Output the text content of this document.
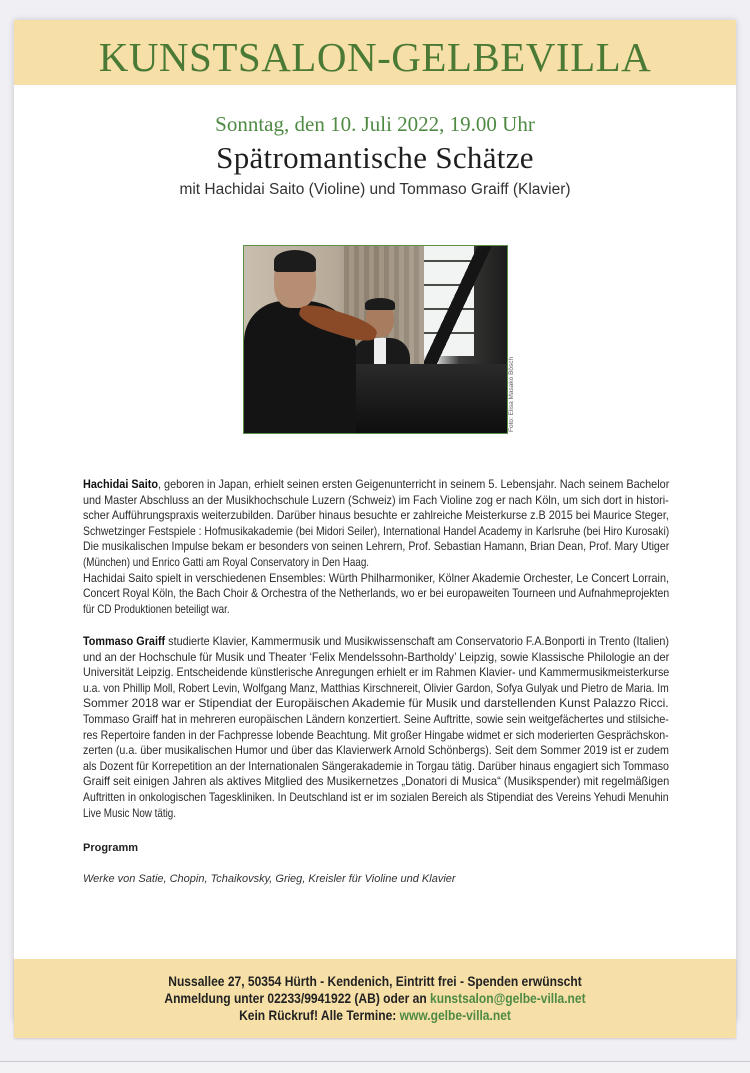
KUNSTSALON-GELBEVILLA
Sonntag, den 10. Juli 2022, 19.00 Uhr
Spätromantische Schätze
mit Hachidai Saito (Violine) und Tommaso Graiff (Klavier)
Foto: Elisa Masako Bösch
Hachidai Saito, geboren in Japan, erhielt seinen ersten Geigenunterricht in seinem 5. Lebensjahr. Nach seinem Bachelor
und Master Abschluss an der Musikhochschule Luzern (Schweiz) im Fach Violine zog er nach Köln, um sich dort in histori-
scher Aufführungspraxis weiterzubilden. Darüber hinaus besuchte er zahlreiche Meisterkurse z.B 2015 bei Maurice Steger,
Schwetzinger Festspiele : Hofmusikakademie (bei Midori Seiler), International Handel Academy in Karlsruhe (bei Hiro Kurosaki)
Die musikalischen Impulse bekam er besonders von seinen Lehrern, Prof. Sebastian Hamann, Brian Dean, Prof. Mary Utiger
(München) und Enrico Gatti am Royal Conservatory in Den Haag.
Hachidai Saito spielt in verschiedenen Ensembles: Würth Philharmoniker, Kölner Akademie Orchester, Le Concert Lorrain,
Concert Royal Köln, the Bach Choir & Orchestra of the Netherlands, wo er bei europaweiten Tourneen und Aufnahmeprojekten
für CD Produktionen beteiligt war.
Tommaso Graiff studierte Klavier, Kammermusik und Musikwissenschaft am Conservatorio F.A.Bonporti in Trento (Italien)
und an der Hochschule für Musik und Theater ‘Felix Mendelssohn-Bartholdy’ Leipzig, sowie Klassische Philologie an der
Universität Leipzig. Entscheidende künstlerische Anregungen erhielt er im Rahmen Klavier- und Kammermusikmeisterkurse
u.a. von Phillip Moll, Robert Levin, Wolfgang Manz, Matthias Kirschnereit, Olivier Gardon, Sofya Gulyak und Pietro de Maria. Im
Sommer 2018 war er Stipendiat der Europäischen Akademie für Musik und darstellenden Kunst Palazzo Ricci.
Tommaso Graiff hat in mehreren europäischen Ländern konzertiert. Seine Auftritte, sowie sein weitgefächertes und stilsiche-
res Repertoire fanden in der Fachpresse lobende Beachtung. Mit großer Hingabe widmet er sich moderierten Gesprächskon-
zerten (u.a. über musikalischen Humor und über das Klavierwerk Arnold Schönbergs). Seit dem Sommer 2019 ist er zudem
als Dozent für Korrepetition an der Internationalen Sängerakademie in Torgau tätig. Darüber hinaus engagiert sich Tommaso
Graiff seit einigen Jahren als aktives Mitglied des Musikernetzes „Donatori di Musica“ (Musikspender) mit regelmäßigen
Auftritten in onkologischen Tageskliniken. In Deutschland ist er im sozialen Bereich als Stipendiat des Vereins Yehudi Menuhin
Live Music Now tätig.
Programm
Werke von Satie, Chopin, Tchaikovsky, Grieg, Kreisler für Violine und Klavier
Nussallee 27, 50354 Hürth - Kendenich, Eintritt frei - Spenden erwünscht
Anmeldung unter 02233/9941922 (AB) oder an kunstsalon@gelbe-villa.net
Kein Rückruf! Alle Termine: www.gelbe-villa.net
